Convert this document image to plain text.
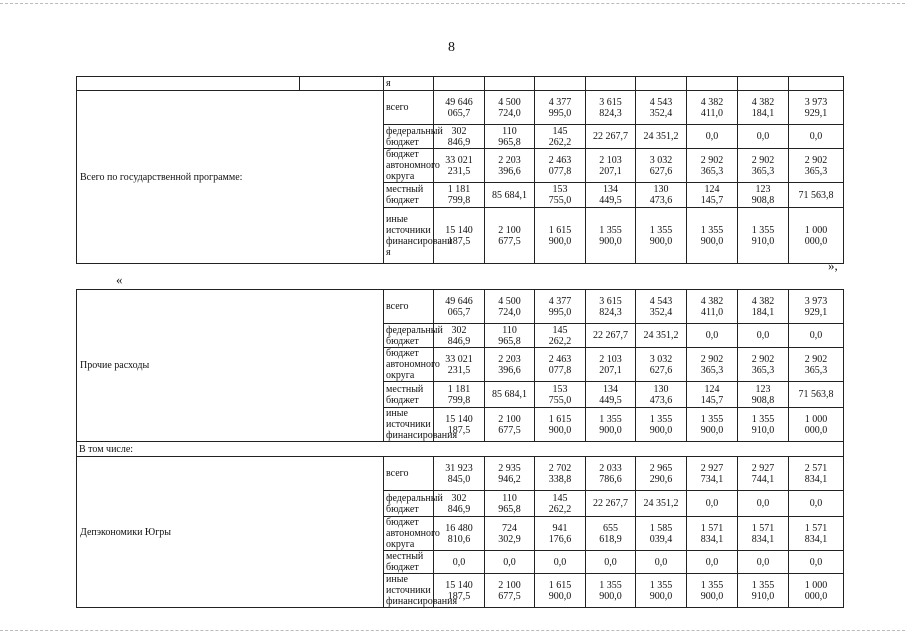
8
		я									
Всего по государственной программе:		всего	49 646
065,7	4 500
724,0	4 377
995,0	3 615
824,3	4 543
352,4	4 382
411,0	4 382
184,1	3 973
929,1	

		федеральный
бюджет	302
846,9	110
965,8	145
262,2	22 267,7	24 351,2	0,0	0,0	0,0	
		бюджет
автономного
округа	33 021
231,5	2 203
396,6	2 463
077,8	2 103
207,1	3 032
627,6	2 902
365,3	2 902
365,3	2 902
365,3	

		местный
бюджет	1 181
799,8	85 684,1	153
755,0	134
449,5	130
473,6	124
145,7	123
908,8	71 563,8	

		иные
источники
финансировани
я	15 140
187,5	2 100
677,5	1 615
900,0	1 355
900,0	1 355
900,0	1 355
900,0	1 355
910,0	1 000
000,0	

«
»,
Прочие расходы	всего	49 646
065,7	4 500
724,0	4 377
995,0	3 615
824,3	4 543
352,4	4 382
411,0	4 382
184,1	3 973
929,1	

	федеральный
бюджет	302
846,9	110
965,8	145
262,2	22 267,7	24 351,2	0,0	0,0	0,0	
	бюджет
автономного
округа	33 021
231,5	2 203
396,6	2 463
077,8	2 103
207,1	3 032
627,6	2 902
365,3	2 902
365,3	2 902
365,3	

	местный
бюджет	1 181
799,8	85 684,1	153
755,0	134
449,5	130
473,6	124
145,7	123
908,8	71 563,8	

	иные источники
финансирования	15 140
187,5	2 100
677,5	1 615
900,0	1 355
900,0	1 355
900,0	1 355
900,0	1 355
910,0	1 000
000,0	

В том числе:										
Депэкономики Югры	всего	31 923
845,0	2 935
946,2	2 702
338,8	2 033
786,6	2 965
290,6	2 927
734,1	2 927
744,1	2 571
834,1	

	федеральный
бюджет	302
846,9	110
965,8	145
262,2	22 267,7	24 351,2	0,0	0,0	0,0	
	бюджет
автономного
округа	16 480
810,6	724
302,9	941
176,6	655
618,9	1 585
039,4	1 571
834,1	1 571
834,1	1 571
834,1	

	местный
бюджет	0,0	0,0	0,0	0,0	0,0	0,0	0,0	0,0	
	иные источники
финансирования	15 140
187,5	2 100
677,5	1 615
900,0	1 355
900,0	1 355
900,0	1 355
900,0	1 355
910,0	1 000
000,0	
